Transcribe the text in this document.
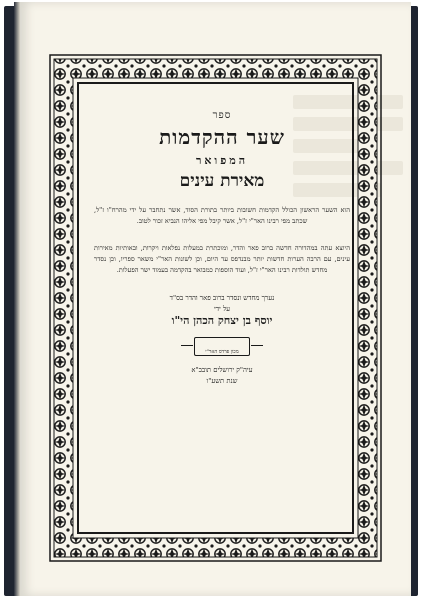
ספר
שער ההקדמות
המפואר
מאירת עינים
הוא השער הראשון הכולל הקדמות חשובות ביותר בתורת הסוד, אשר נתחבר על ידי מהרח"ו ז"ל, שכתב מפי רבינו האר"י ז"ל, אשר קיבל מפי אליהו הנביא זכור לטוב.
היוצא עתה במהדורה חדשה ברוב פאר והדר, ומוכתרת במעלות נפלאות ויקרות, ובאותיות מאירות עינים, עם הרבה הערות חדשות יותר מבנדפס עד היום, וכן לשונות האר"י משאר ספריו, וכן נסדר מחדש תולדות רבינו האר"י ז"ל, ועוד הוספות כמבואר בהקדמה בעמוד ישר הפעלות.
נערך מחדש ונסדר ברוב פאר והדר בס"ד
על ידי
יוסף בן יצחק הכהן הי"ו
מכון פרדס האר"י
עיה"ק ירושלים תובב"א
שנת תשע"ו
